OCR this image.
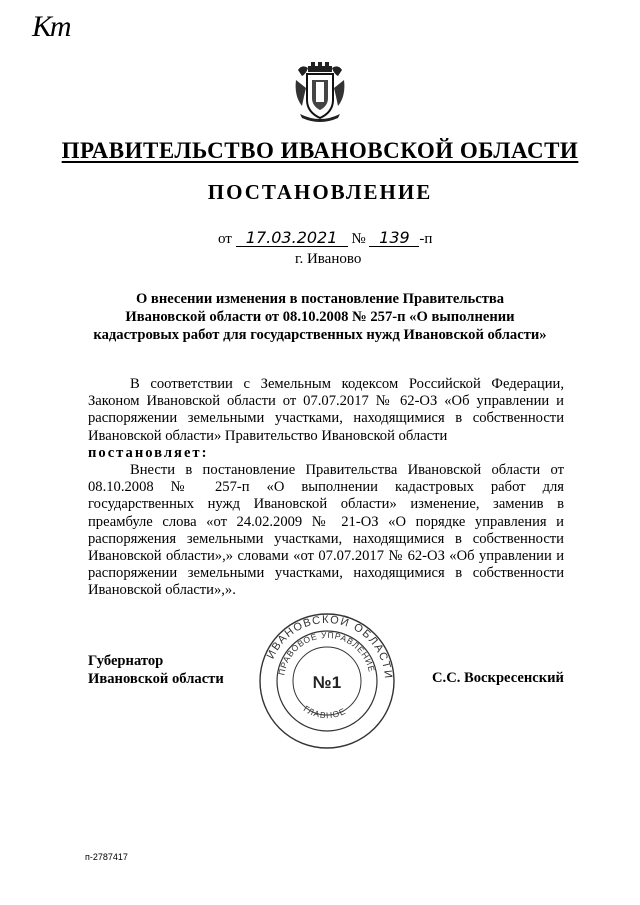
Кт
ПРАВИТЕЛЬСТВО ИВАНОВСКОЙ ОБЛАСТИ
ПОСТАНОВЛЕНИЕ
от 17.03.2021 № 139 -п
г. Иваново
О внесении изменения в постановление Правительства
Ивановской области от 08.10.2008 № 257-п «О выполнении
кадастровых работ для государственных нужд Ивановской области»

В соответствии с Земельным кодексом Российской Федерации, Законом Ивановской области от 07.07.2017 № 62-ОЗ «Об управлении и распоряжении земельными участками, находящимися в собственности Ивановской области» Правительство Ивановской области

постановляет:

Внести в постановление Правительства Ивановской области от 08.10.2008 № 257-п «О выполнении кадастровых работ для государственных нужд Ивановской области» изменение, заменив в преамбуле слова «от 24.02.2009 № 21-ОЗ «О порядке управления и распоряжения земельными участками, находящимися в собственности Ивановской области»,» словами «от 07.07.2017 № 62-ОЗ «Об управлении и распоряжении земельными участками, находящимися в собственности Ивановской области»,».

Губернатор
Ивановской области	С.С. Воскресенский
ИВАНОВСКОЙ ОБЛАСТИ
ПРАВОВОЕ УПРАВЛЕНИЕ
ГЛАВНОЕ
№1
п-2787417
